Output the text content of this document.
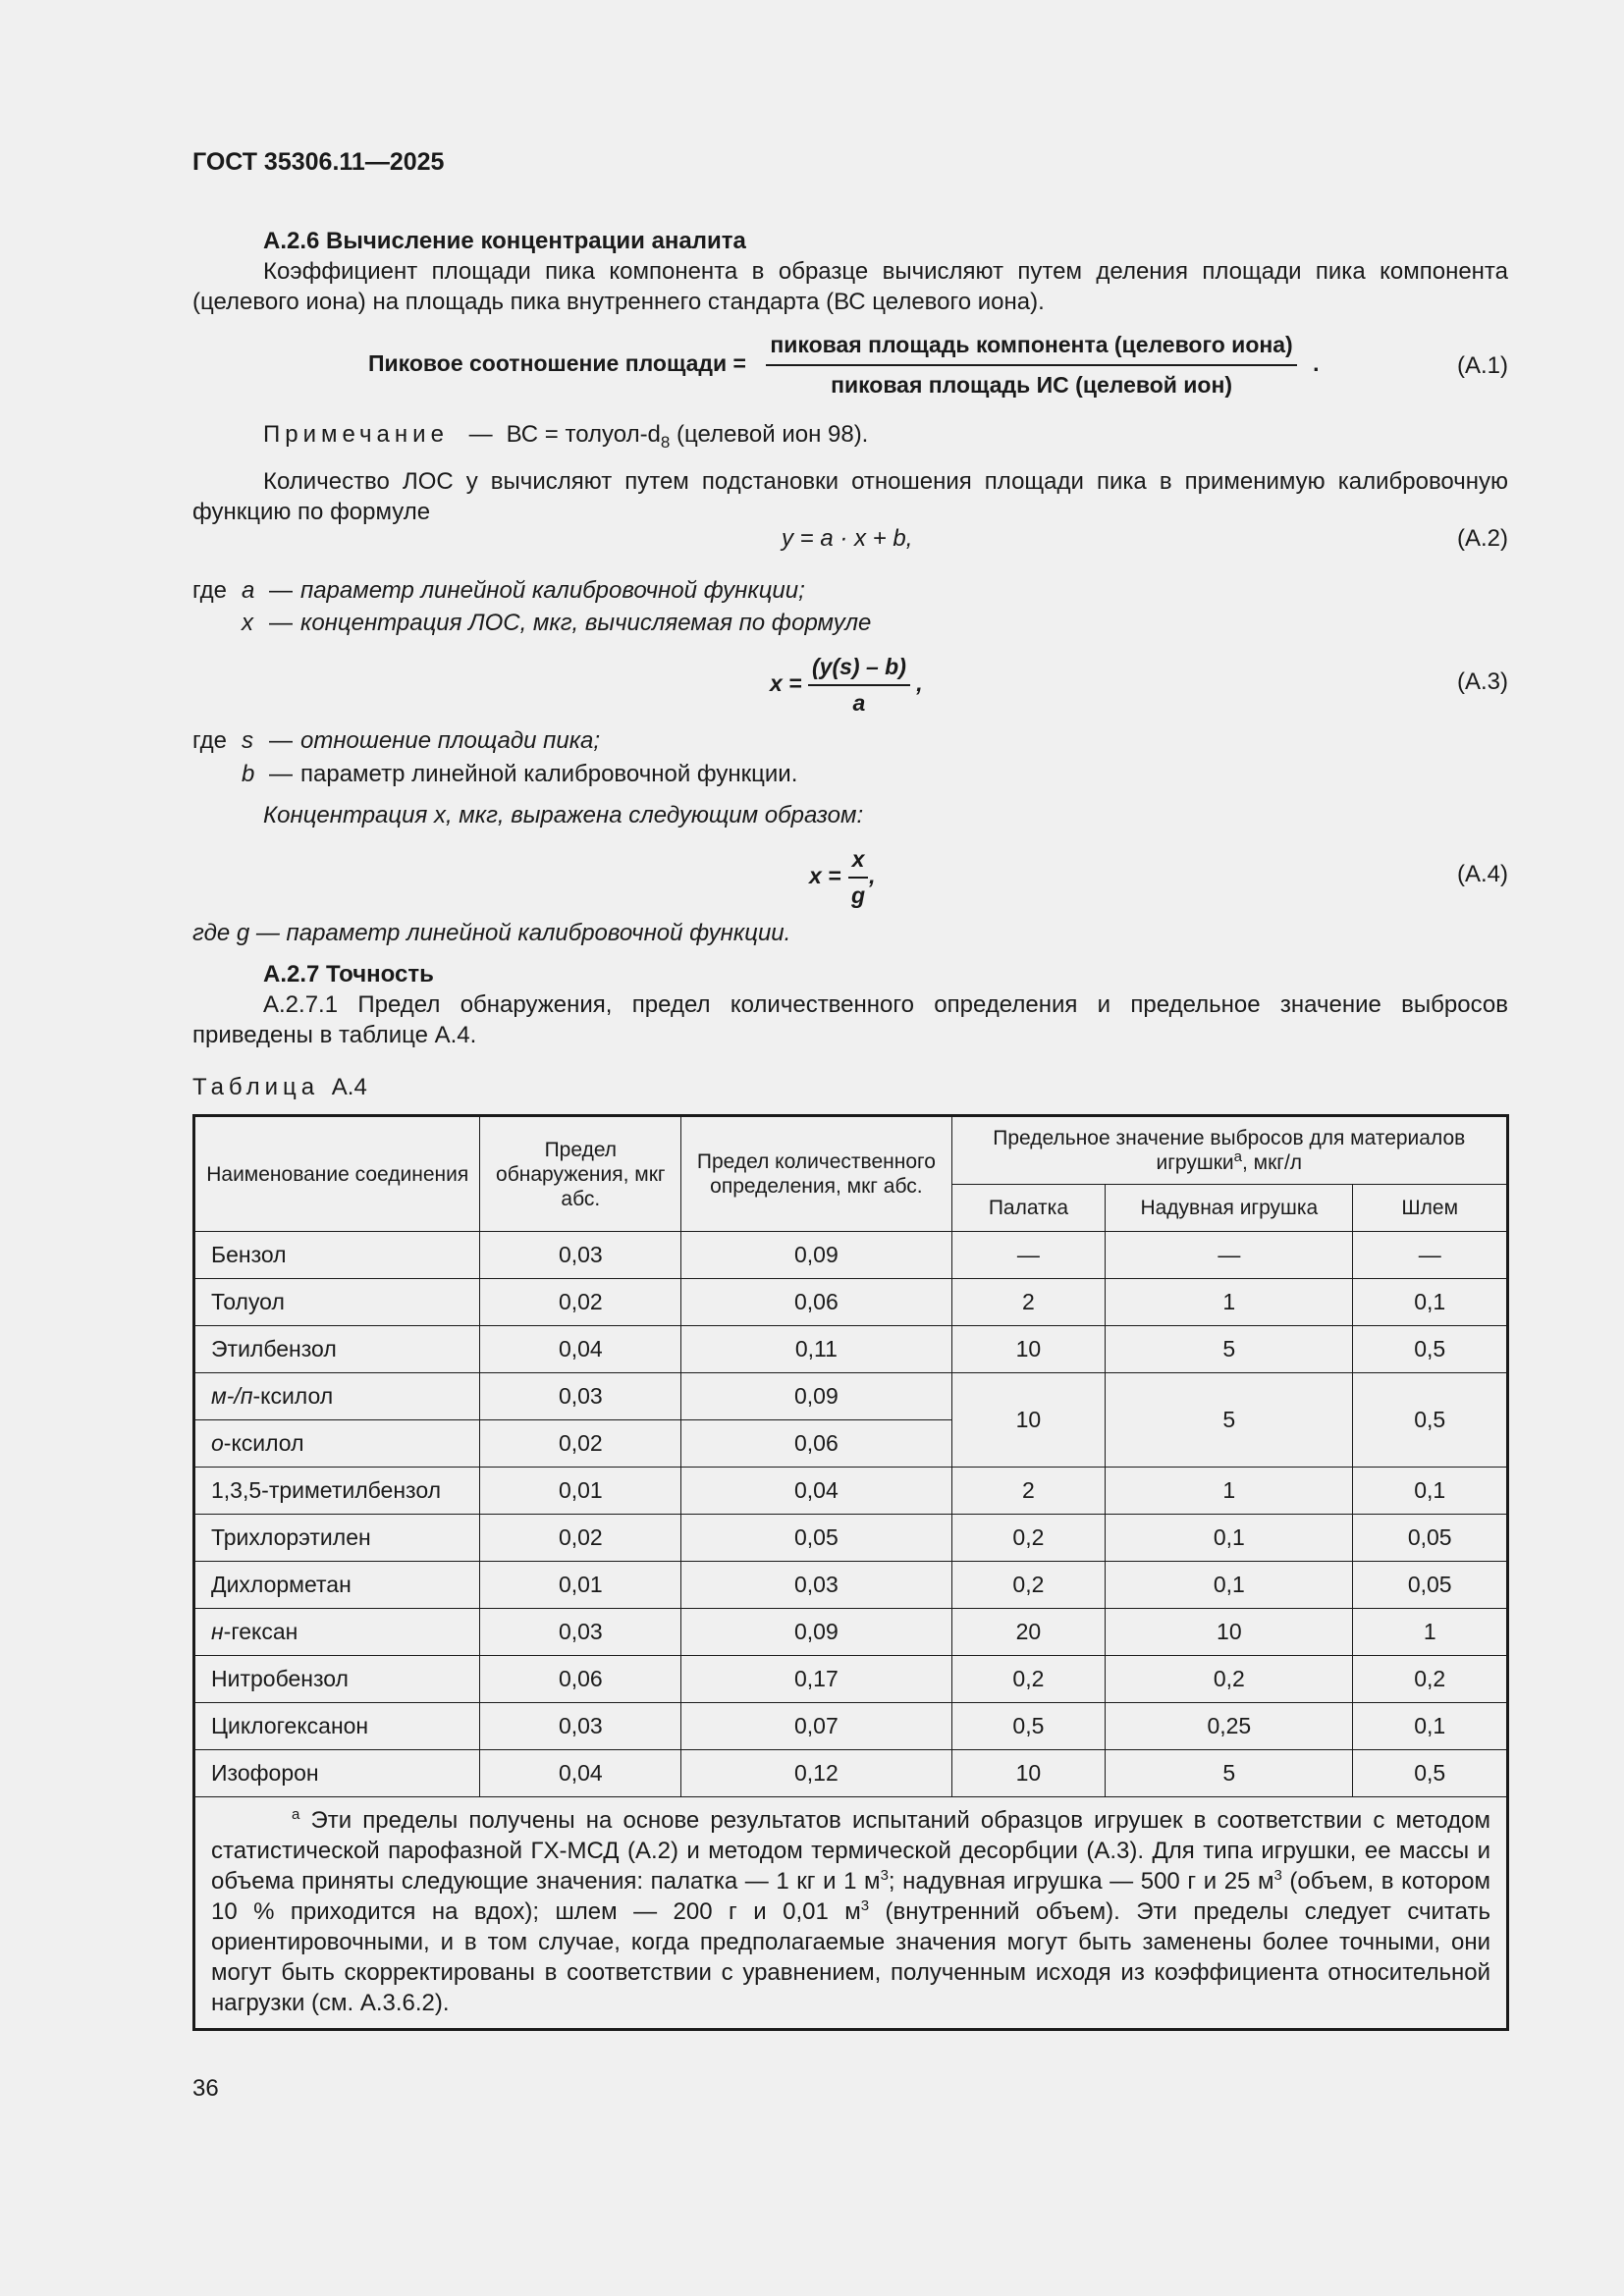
ГОСТ 35306.11—2025
А.2.6 Вычисление концентрации аналита
Коэффициент площади пика компонента в образце вычисляют путем деления площади пика компонента (целевого иона) на площадь пика внутреннего стандарта (ВС целевого иона).
Пиковое соотношение площади = $\frac{\text{пиковая площадь компонента (целевого иона)}}{\text{пиковая площадь ИС (целевой ион)}}$ .	(А.1)
Примечание — ВС = толуол-$d_8$ (целевой ион 98).
Количество ЛОС y вычисляют путем подстановки отношения площади пика в применимую калибровочную функцию по формуле
y = a · x + b,	(А.2)
где a — параметр линейной калибровочной функции;
x — концентрация ЛОС, мкг, вычисляемая по формуле
$x = \frac{(y(s) - b)}{a}$ ,	(А.3)
где s — отношение площади пика;
b — параметр линейной калибровочной функции.
Концентрация x, мкг, выражена следующим образом:
$x = \frac{x}{g}$ ,	(А.4)
где g — параметр линейной калибровочной функции.
А.2.7 Точность
А.2.7.1 Предел обнаружения, предел количественного определения и предельное значение выбросов приведены в таблице А.4.
Таблица А.4
Наименование соединения	Предел обнаружения, мкг абс.	Предел количественного определения, мкг абс.	Предельное значение выбросов для материалов игрушки$^a$, мкг/л		
			Палатка	Надувная игрушка	Шлем
Бензол	0,03	0,09	—	—	—
Толуол	0,02	0,06	2	1	0,1
Этилбензол	0,04	0,11	10	5	0,5
м-/п-ксилол	0,03	0,09	10	5	0,5
о-ксилол	0,02	0,06			
1,3,5-триметилбензол	0,01	0,04	2	1	0,1
Трихлорэтилен	0,02	0,05	0,2	0,1	0,05
Дихлорметан	0,01	0,03	0,2	0,1	0,05
н-гексан	0,03	0,09	20	10	1
Нитробензол	0,06	0,17	0,2	0,2	0,2
Циклогексанон	0,03	0,07	0,5	0,25	0,1
Изофорон	0,04	0,12	10	5	0,5
$^a$ Эти пределы получены на основе результатов испытаний образцов игрушек в соответствии с методом статистической парофазной ГХ-МСД (А.2) и методом термической десорбции (А.3). Для типа игрушки, ее массы и объема приняты следующие значения: палатка — 1 кг и 1 $м^3$; надувная игрушка — 500 г и 25 $м^3$ (объем, в котором 10 % приходится на вдох); шлем — 200 г и 0,01 $м^3$ (внутренний объем). Эти пределы следует считать ориентировочными, и в том случае, когда предполагаемые значения могут быть заменены более точными, они могут быть скорректированы в соответствии с уравнением, полученным исходя из коэффициента относительной нагрузки (см. А.3.6.2).					
36
